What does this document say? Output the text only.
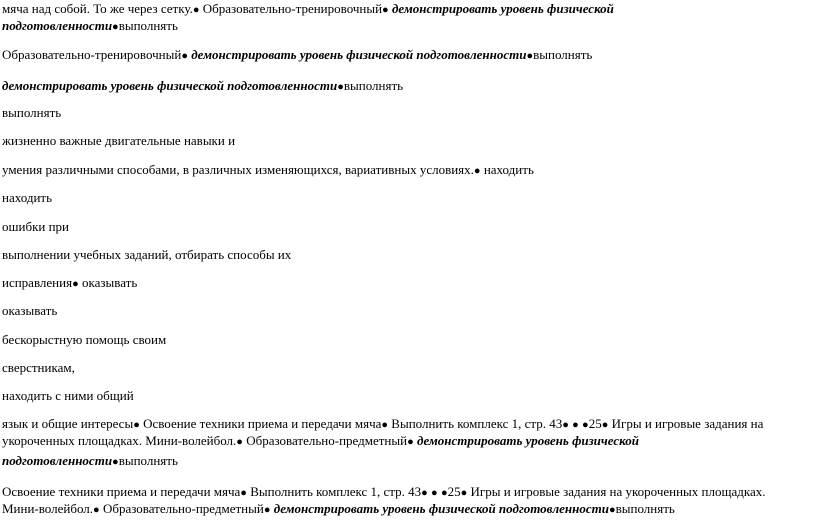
мяча над собой. То же через сетку.● Образовательно-тренировочный● демонстрировать уровень физической
подготовленности●выполнять
Образовательно-тренировочный● демонстрировать уровень физической подготовленности●выполнять
демонстрировать уровень физической подготовленности●выполнять
выполнять
жизненно важные двигательные навыки и
умения различными способами, в различных изменяющихся, вариативных условиях.● находить
находить
ошибки при
выполнении учебных заданий, отбирать способы их
исправления● оказывать
оказывать
бескорыстную помощь своим
сверстникам,
находить с ними общий
язык и общие интересы● Освоение техники приема и передачи мяча● Выполнить комплекс 1, стр. 43● ● ●25● Игры и игровые задания на
укороченных площадках. Мини-волейбол.● Образовательно-предметный● демонстрировать уровень физической
подготовленности●выполнять
Освоение техники приема и передачи мяча● Выполнить комплекс 1, стр. 43● ● ●25● Игры и игровые задания на укороченных площадках.
Мини-волейбол.● Образовательно-предметный● демонстрировать уровень физической подготовленности●выполнять
